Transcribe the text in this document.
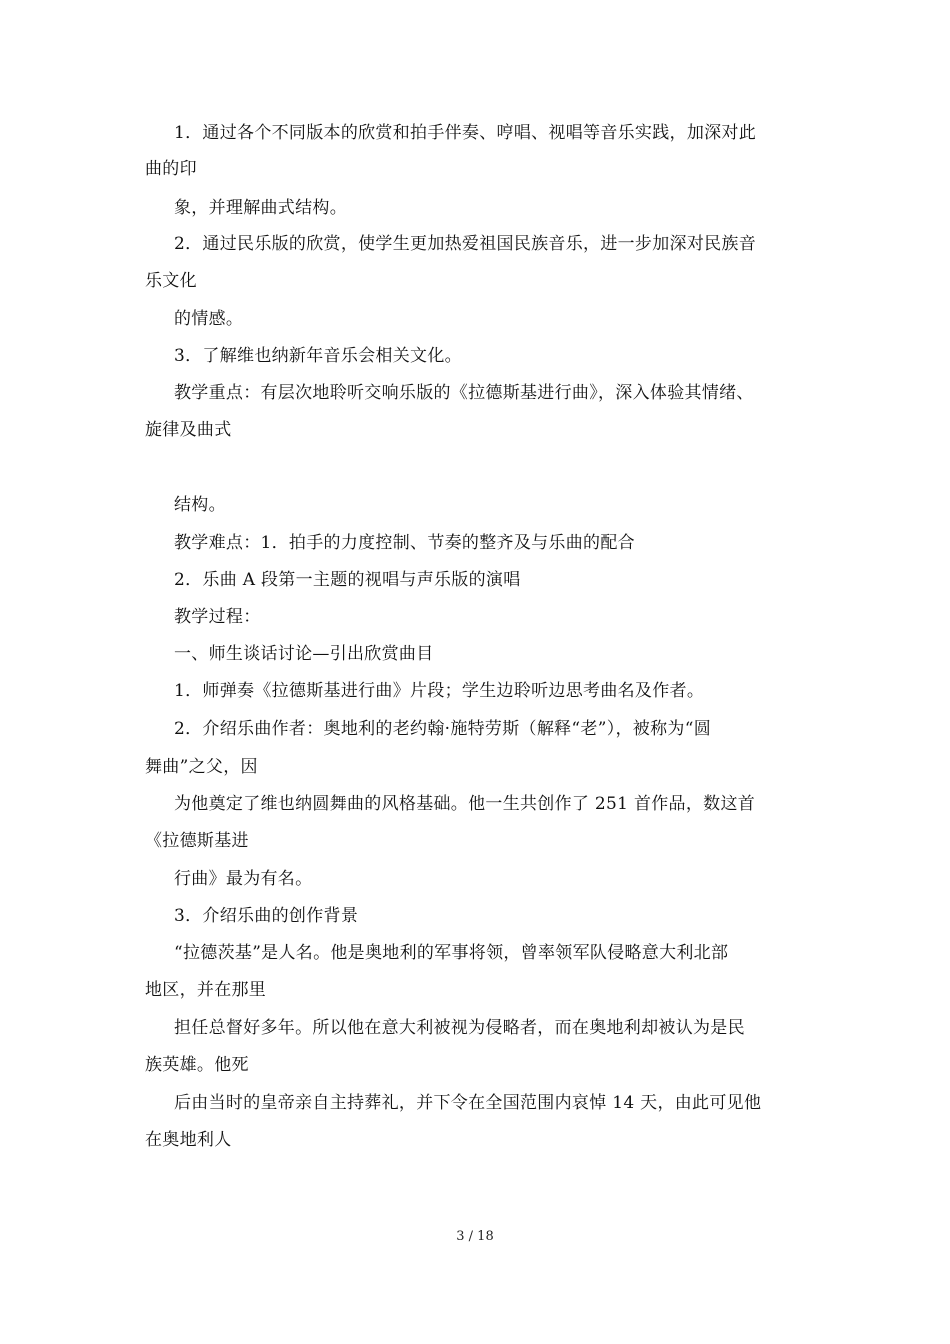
1．通过各个不同版本的欣赏和拍手伴奏、哼唱、视唱等音乐实践，加深对此
曲的印
象，并理解曲式结构。
2．通过民乐版的欣赏，使学生更加热爱祖国民族音乐，进一步加深对民族音
乐文化
的情感。
3．了解维也纳新年音乐会相关文化。
教学重点：有层次地聆听交响乐版的《拉德斯基进行曲》，深入体验其情绪、
旋律及曲式
结构。
教学难点：1．拍手的力度控制、节奏的整齐及与乐曲的配合
2．乐曲 A 段第一主题的视唱与声乐版的演唱
教学过程：
一、师生谈话讨论—引出欣赏曲目
1．师弹奏《拉德斯基进行曲》片段；学生边聆听边思考曲名及作者。
2．介绍乐曲作者：奥地利的老约翰·施特劳斯（解释“老”），被称为“圆
舞曲”之父，因
为他奠定了维也纳圆舞曲的风格基础。他一生共创作了 251 首作品，数这首
《拉德斯基进
行曲》最为有名。
3．介绍乐曲的创作背景
“拉德茨基”是人名。他是奥地利的军事将领，曾率领军队侵略意大利北部
地区，并在那里
担任总督好多年。所以他在意大利被视为侵略者，而在奥地利却被认为是民
族英雄。他死
后由当时的皇帝亲自主持葬礼，并下令在全国范围内哀悼 14 天，由此可见他
在奥地利人
3 / 18
